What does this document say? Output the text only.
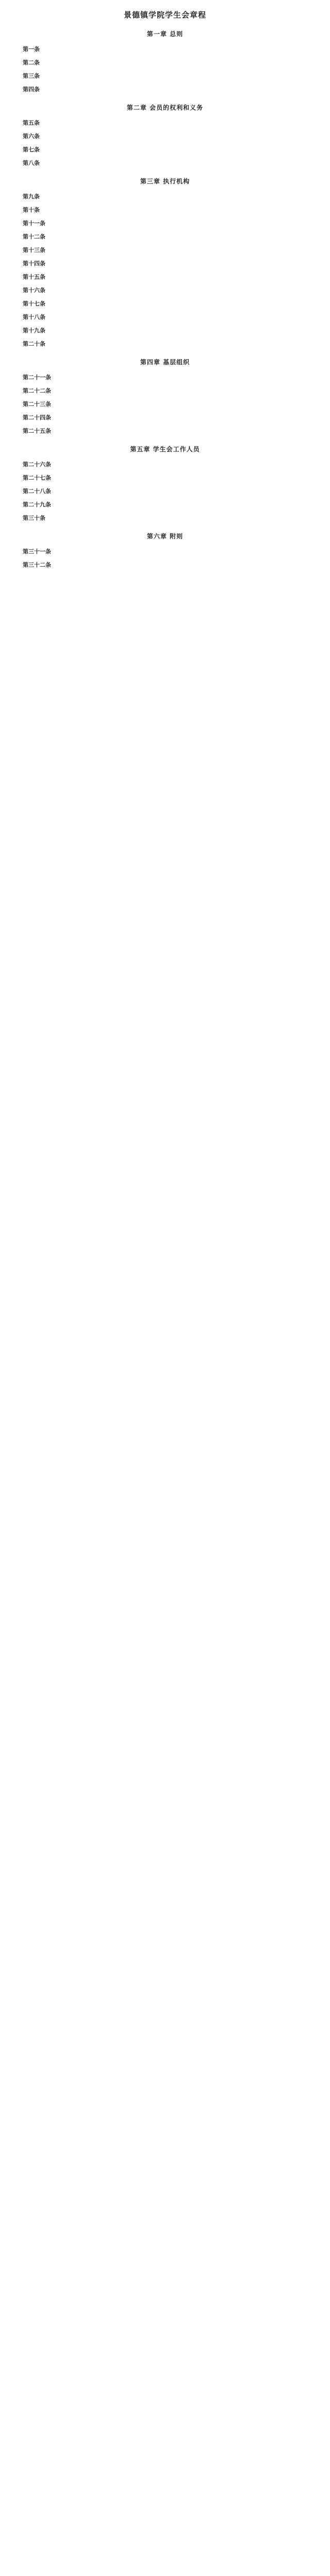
景德镇学院学生会章程
第一章 总则

第一条

第二条

第三条

第四条

第二章 会员的权利和义务

第五条

第六条

第七条

第八条

第三章 执行机构

第九条

第十条

第十一条

第十二条

第十三条

第十四条

第十五条

第十六条

第十七条

第十八条

第十九条

第二十条

第四章 基层组织

第二十一条

第二十二条

第二十三条

第二十四条

第二十五条

第五章 学生会工作人员

第二十六条

第二十七条

第二十八条

第二十九条

第三十条

第六章 附则

第三十一条

第三十二条
